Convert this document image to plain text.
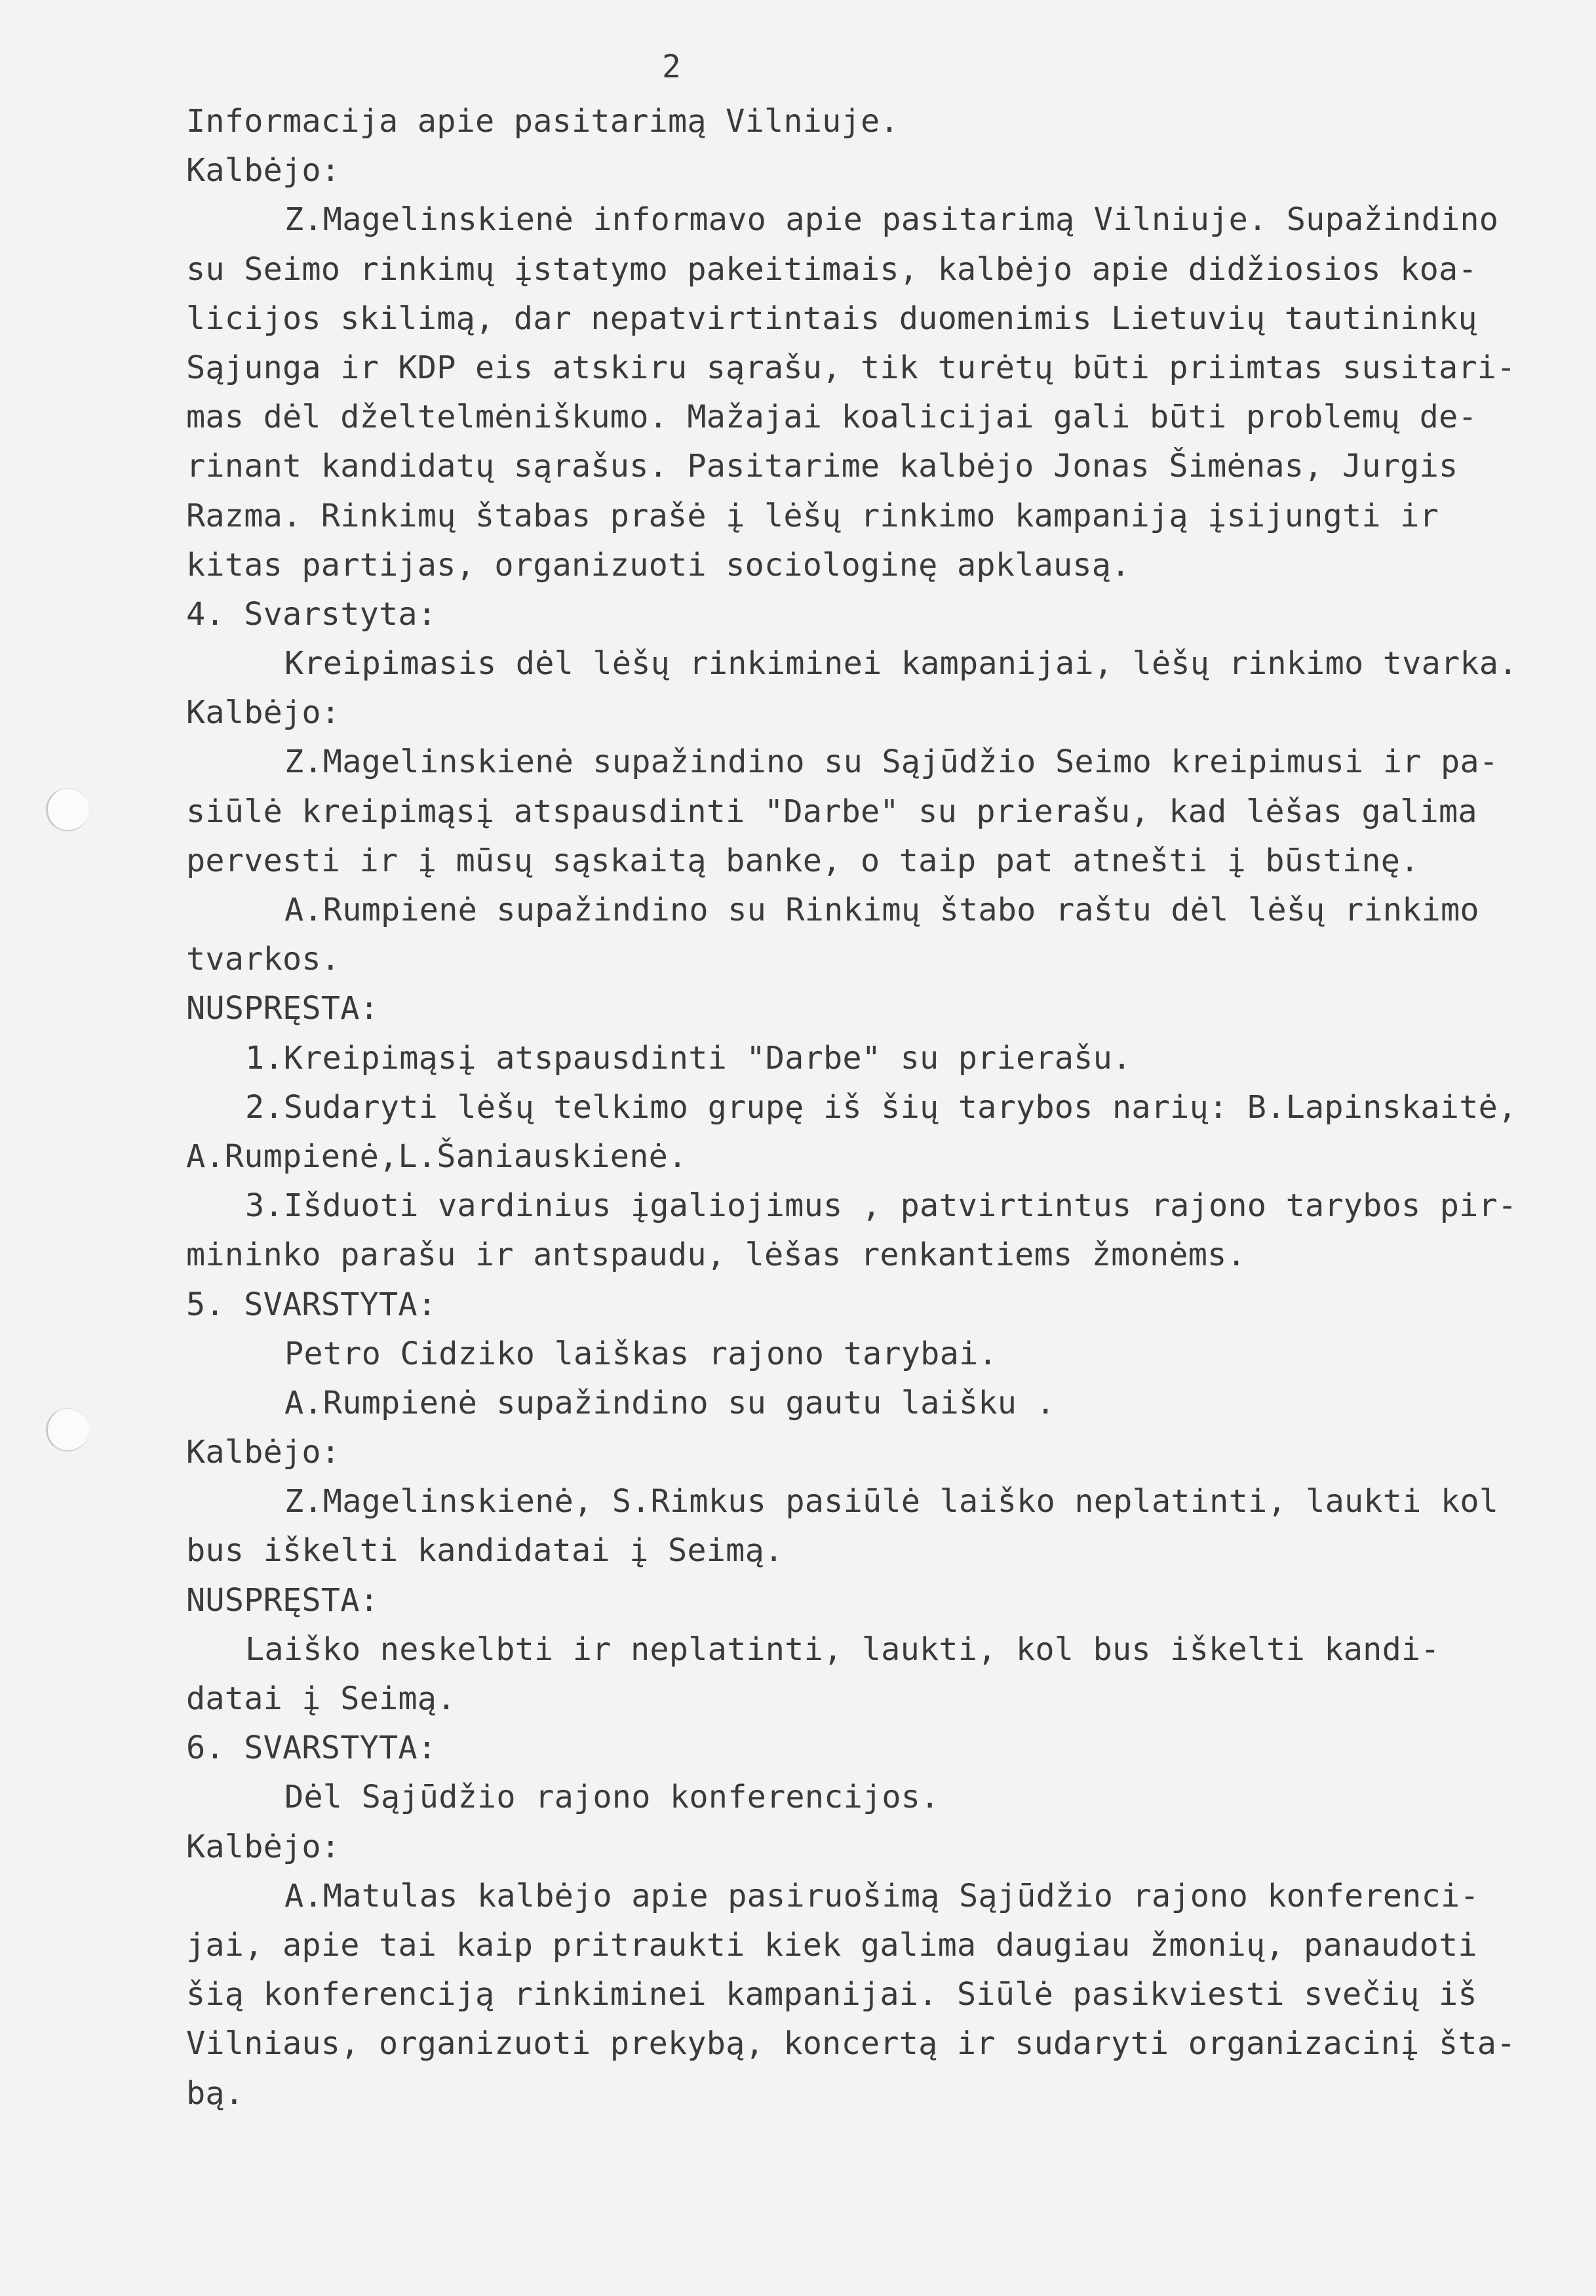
2
Informacija apie pasitarimą Vilniuje.
Kalbėjo:
Z.Magelinskienė informavo apie pasitarimą Vilniuje. Supažindino
su Seimo rinkimų įstatymo pakeitimais, kalbėjo apie didžiosios koa-
licijos skilimą, dar nepatvirtintais duomenimis Lietuvių tautininkų
Sąjunga ir KDP eis atskiru sąrašu, tik turėtų būti priimtas susitari-
mas dėl dželtelmėniškumo. Mažajai koalicijai gali būti problemų de-
rinant kandidatų sąrašus. Pasitarime kalbėjo Jonas Šimėnas, Jurgis
Razma. Rinkimų štabas prašė į lėšų rinkimo kampaniją įsijungti ir
kitas partijas, organizuoti sociologinę apklausą.
4. Svarstyta:
Kreipimasis dėl lėšų rinkiminei kampanijai, lėšų rinkimo tvarka.
Kalbėjo:
Z.Magelinskienė supažindino su Sąjūdžio Seimo kreipimusi ir pa-
siūlė kreipimąsį atspausdinti "Darbe" su prierašu, kad lėšas galima
pervesti ir į mūsų sąskaitą banke, o taip pat atnešti į būstinę.
A.Rumpienė supažindino su Rinkimų štabo raštu dėl lėšų rinkimo
tvarkos.
NUSPRĘSTA:
1.Kreipimąsį atspausdinti "Darbe" su prierašu.
2.Sudaryti lėšų telkimo grupę iš šių tarybos narių: B.Lapinskaitė,
A.Rumpienė,L.Šaniauskienė.
3.Išduoti vardinius įgaliojimus , patvirtintus rajono tarybos pir-
mininko parašu ir antspaudu, lėšas renkantiems žmonėms.
5. SVARSTYTA:
Petro Cidziko laiškas rajono tarybai.
A.Rumpienė supažindino su gautu laišku .
Kalbėjo:
Z.Magelinskienė, S.Rimkus pasiūlė laiško neplatinti, laukti kol
bus iškelti kandidatai į Seimą.
NUSPRĘSTA:
Laiško neskelbti ir neplatinti, laukti, kol bus iškelti kandi-
datai į Seimą.
6. SVARSTYTA:
Dėl Sąjūdžio rajono konferencijos.
Kalbėjo:
A.Matulas kalbėjo apie pasiruošimą Sąjūdžio rajono konferenci-
jai, apie tai kaip pritraukti kiek galima daugiau žmonių, panaudoti
šią konferenciją rinkiminei kampanijai. Siūlė pasikviesti svečių iš
Vilniaus, organizuoti prekybą, koncertą ir sudaryti organizacinį šta-
bą.
